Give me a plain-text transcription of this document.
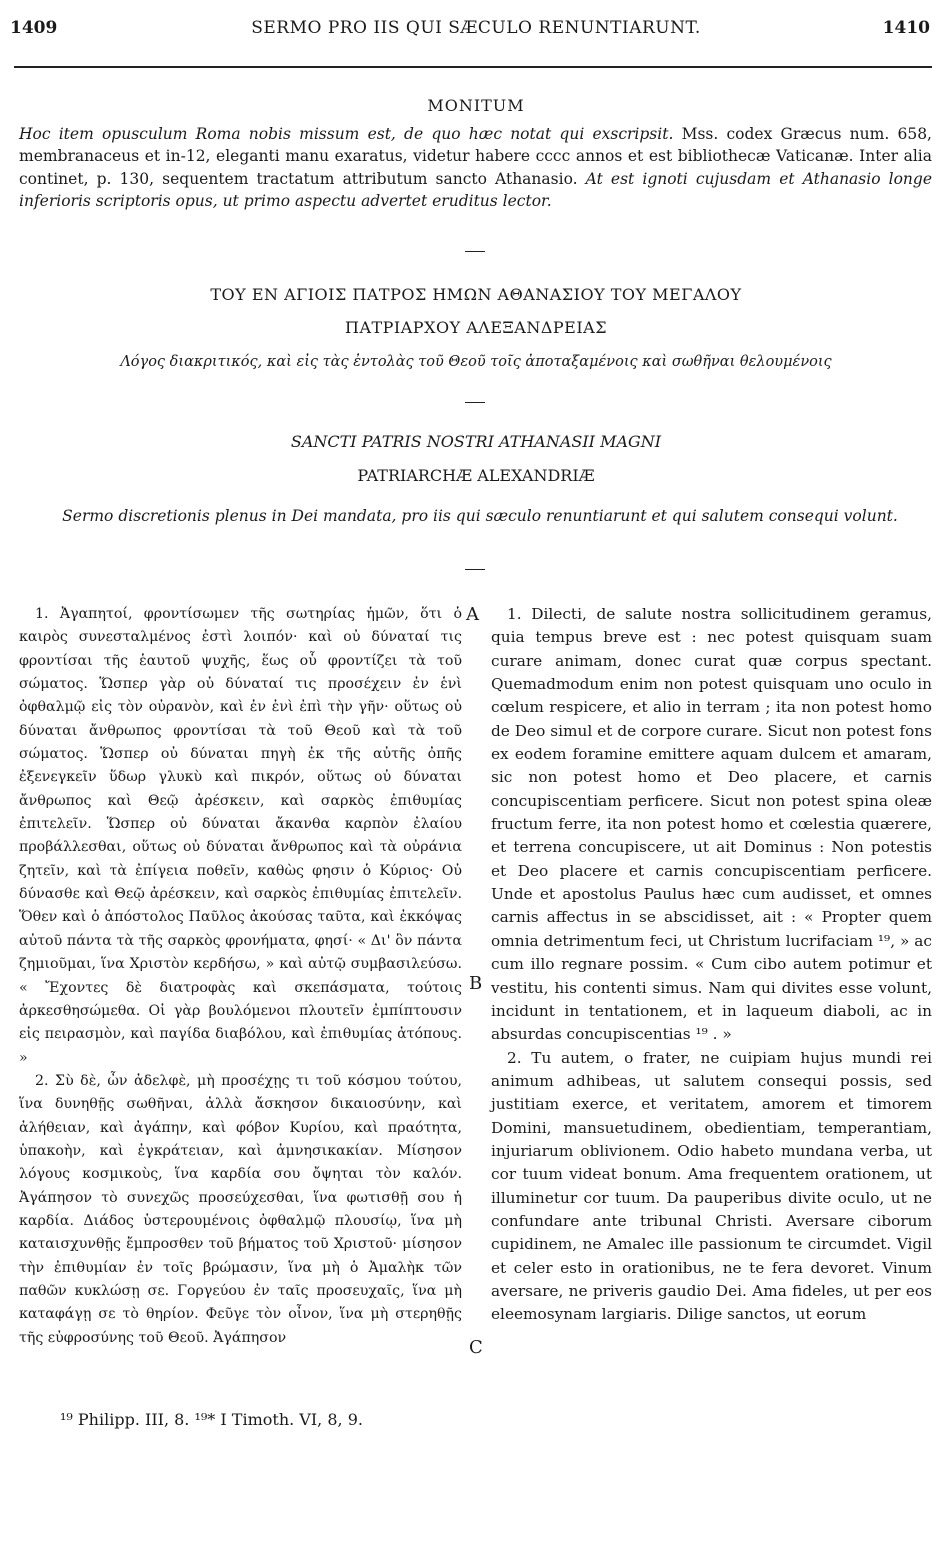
1409	SERMO PRO IIS QUI SÆCULO RENUNTIARUNT.	1410
MONITUM

Hoc item opusculum Roma nobis missum est, de quo hæc notat qui exscripsit. Mss. codex Græcus num. 658, membranaceus et in-12, eleganti manu exaratus, videtur habere cccc annos et est bibliothecæ Vaticanæ. Inter alia continet, p. 130, sequentem tractatum attributum sancto Athanasio. At est ignoti cujusdam et Athanasio longe inferioris scriptoris opus, ut primo aspectu advertet eruditus lector.

ΤΟΥ ΕΝ ΑΓΙΟΙΣ ΠΑΤΡΟΣ ΗΜΩΝ ΑΘΑΝΑΣΙΟΥ ΤΟΥ ΜΕΓΑΛΟΥ
ΠΑΤΡΙΑΡΧΟΥ ΑΛΕΞΑΝΔΡΕΙΑΣ
Λόγος διακριτικός, καὶ εἰς τὰς ἐντολὰς τοῦ Θεοῦ τοῖς ἀποταξαμένοις καὶ σωθῆναι θελουμένοις
SANCTI PATRIS NOSTRI ATHANASII MAGNI
PATRIARCHÆ ALEXANDRIÆ

Sermo discretionis plenus in Dei mandata, pro iis qui sæculo renuntiarunt et qui salutem consequi volunt.

1. Ἀγαπητοί, φροντίσωμεν τῆς σωτηρίας ἡμῶν, ὅτι ὁ καιρὸς συνεσταλμένος ἐστὶ λοιπόν· καὶ οὐ δύναταί τις φροντίσαι τῆς ἑαυτοῦ ψυχῆς, ἕως οὗ φροντίζει τὰ τοῦ σώματος. Ὥσπερ γὰρ οὐ δύναταί τις προσέχειν ἐν ἑνὶ ὀφθαλμῷ εἰς τὸν οὐρανὸν, καὶ ἐν ἑνὶ ἐπὶ τὴν γῆν· οὕτως οὐ δύναται ἄνθρωπος φροντίσαι τὰ τοῦ Θεοῦ καὶ τὰ τοῦ σώματος. Ὥσπερ οὐ δύναται πηγὴ ἐκ τῆς αὐτῆς ὀπῆς ἐξενεγκεῖν ὕδωρ γλυκὺ καὶ πικρόν, οὕτως οὐ δύναται ἄνθρωπος καὶ Θεῷ ἀρέσκειν, καὶ σαρκὸς ἐπιθυμίας ἐπιτελεῖν. Ὥσπερ οὐ δύναται ἄκανθα καρπὸν ἐλαίου προβάλλεσθαι, οὕτως οὐ δύναται ἄνθρωπος καὶ τὰ οὐράνια ζητεῖν, καὶ τὰ ἐπίγεια ποθεῖν, καθὼς φησιν ὁ Κύριος· Οὐ δύνασθε καὶ Θεῷ ἀρέσκειν, καὶ σαρκὸς ἐπιθυμίας ἐπιτελεῖν. Ὅθεν καὶ ὁ ἀπόστολος Παῦλος ἀκούσας ταῦτα, καὶ ἐκκόψας αὐτοῦ πάντα τὰ τῆς σαρκὸς φρονήματα, φησί· « Δι' ὃν πάντα ζημιοῦμαι, ἵνα Χριστὸν κερδήσω, » καὶ αὐτῷ συμβασιλεύσω. « Ἔχοντες δὲ διατροφὰς καὶ σκεπάσματα, τούτοις ἀρκεσθησώμεθα. Οἱ γὰρ βουλόμενοι πλουτεῖν ἐμπίπτουσιν εἰς πειρασμὸν, καὶ παγίδα διαβόλου, καὶ ἐπιθυμίας ἀτόπους. »

2. Σὺ δὲ, ὦν ἀδελφὲ, μὴ προσέχῃς τι τοῦ κόσμου τούτου, ἵνα δυνηθῇς σωθῆναι, ἀλλὰ ἄσκησον δικαιοσύνην, καὶ ἀλήθειαν, καὶ ἀγάπην, καὶ φόβον Κυρίου, καὶ πραότητα, ὑπακοὴν, καὶ ἐγκράτειαν, καὶ ἀμνησικακίαν. Μίσησον λόγους κοσμικοὺς, ἵνα καρδία σου ὄψηται τὸν καλόν. Ἀγάπησον τὸ συνεχῶς προσεύχεσθαι, ἵνα φωτισθῇ σου ἡ καρδία. Διάδος ὑστερουμένοις ὀφθαλμῷ πλουσίῳ, ἵνα μὴ καταισχυνθῇς ἔμπροσθεν τοῦ βήματος τοῦ Χριστοῦ· μίσησον τὴν ἐπιθυμίαν ἐν τοῖς βρώμασιν, ἵνα μὴ ὁ Ἀμαλὴκ τῶν παθῶν κυκλώσῃ σε. Γοργεύου ἐν ταῖς προσευχαῖς, ἵνα μὴ καταφάγῃ σε τὸ θηρίον. Φεῦγε τὸν οἶνον, ἵνα μὴ στερηθῇς τῆς εὐφροσύνης τοῦ Θεοῦ. Ἀγάπησον

A
B
C

1. Dilecti, de salute nostra sollicitudinem geramus, quia tempus breve est : nec potest quisquam suam curare animam, donec curat quæ corpus spectant. Quemadmodum enim non potest quisquam uno oculo in cœlum respicere, et alio in terram ; ita non potest homo de Deo simul et de corpore curare. Sicut non potest fons ex eodem foramine emittere aquam dulcem et amaram, sic non potest homo et Deo placere, et carnis concupiscentiam perficere. Sicut non potest spina oleæ fructum ferre, ita non potest homo et cœlestia quærere, et terrena concupiscere, ut ait Dominus : Non potestis et Deo placere et carnis concupiscentiam perficere. Unde et apostolus Paulus hæc cum audisset, et omnes carnis affectus in se abscidisset, ait : « Propter quem omnia detrimentum feci, ut Christum lucrifaciam ¹⁹, » ac cum illo regnare possim. « Cum cibo autem potimur et vestitu, his contenti simus. Nam qui divites esse volunt, incidunt in tentationem, et in laqueum diaboli, ac in absurdas concupiscentias ¹⁹ . »

2. Tu autem, o frater, ne cuipiam hujus mundi rei animum adhibeas, ut salutem consequi possis, sed justitiam exerce, et veritatem, amorem et timorem Domini, mansuetudinem, obedientiam, temperantiam, injuriarum oblivionem. Odio habeto mundana verba, ut cor tuum videat bonum. Ama frequentem orationem, ut illuminetur cor tuum. Da pauperibus divite oculo, ut ne confundare ante tribunal Christi. Aversare ciborum cupidinem, ne Amalec ille passionum te circumdet. Vigil et celer esto in orationibus, ne te fera devoret. Vinum aversare, ne priveris gaudio Dei. Ama fideles, ut per eos eleemosynam largiaris. Dilige sanctos, ut eorum

¹⁹ Philipp. III, 8. ¹⁹* I Timoth. VI, 8, 9.
